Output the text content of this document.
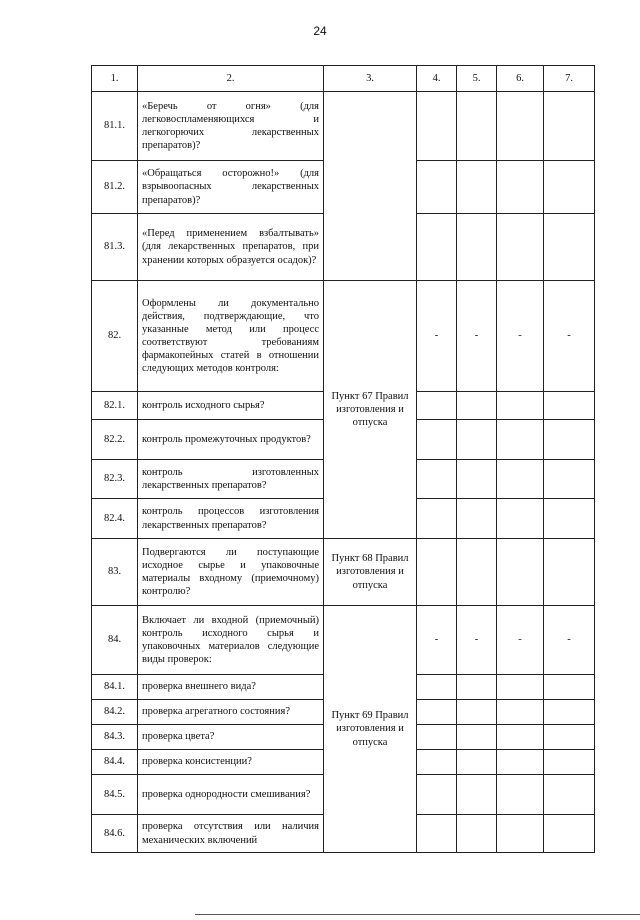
24
1.	2.	3.	4.	5.	6.	7.
81.1.	«Беречь от огня» (для легковоспламеняющихся и легкогорючих лекарственных препаратов)?					
81.2.	«Обращаться осторожно!» (для взрывоопасных лекарственных препаратов)?					
81.3.	«Перед применением взбалтывать» (для лекарственных препаратов, при хранении которых образуется осадок)?					
82.	Оформлены ли документально действия, подтверждающие, что указанные метод или процесс соответствуют требованиям фармакопейных статей в отношении следующих методов контроля:	Пункт 67 Правил изготовления и отпуска	-	-	-	-
82.1.	контроль исходного сырья?					
82.2.	контроль промежуточных продуктов?					
82.3.	контроль изготовленных лекарственных препаратов?					
82.4.	контроль процессов изготовления лекарственных препаратов?					
83.	Подвергаются ли поступающие исходное сырье и упаковочные материалы входному (приемочному) контролю?	Пункт 68 Правил изготовления и отпуска				
84.	Включает ли входной (приемочный) контроль исходного сырья и упаковочных материалов следующие виды проверок:	Пункт 69 Правил изготовления и отпуска	-	-	-	-
84.1.	проверка внешнего вида?					
84.2.	проверка агрегатного состояния?					
84.3.	проверка цвета?					
84.4.	проверка консистенции?					
84.5.	проверка однородности смешивания?					
84.6.	проверка отсутствия или наличия механических включений					
